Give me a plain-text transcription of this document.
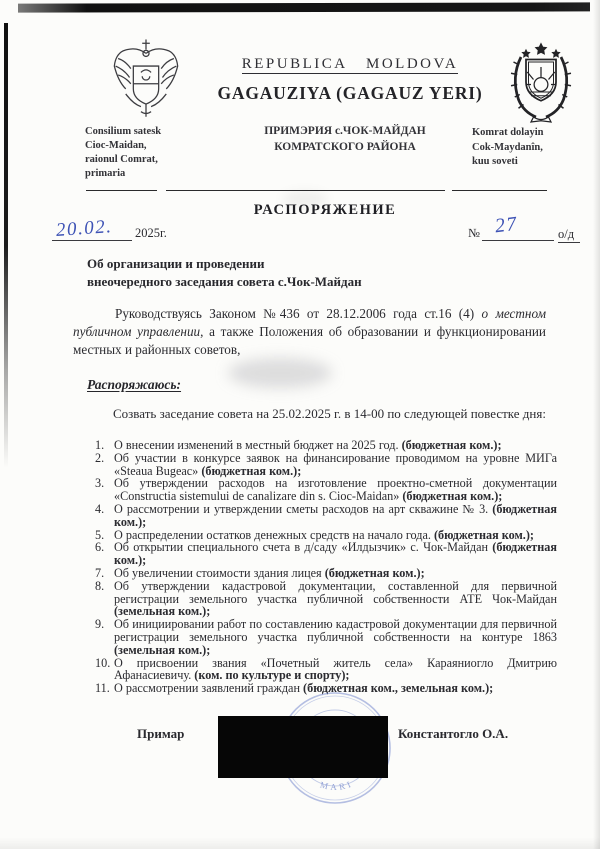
REPUBLICA MOLDOVA
GAGAUZIYA (GAGAUZ YERI)
Consilium satesk
Cioc-Maidan,
raionul Comrat,
primaria
ПРИМЭРИЯ с.ЧОК-МАЙДАН
КОМРАТСКОГО РАЙОНА
Komrat dolayin
Cok-Maydanîn,
kuu soveti
РАСПОРЯЖЕНИЕ
20.02. 2025г.	№ 27	о/д
Об организации и проведении
внеочередного заседания совета с.Чок-Майдан
Руководствуясь Законом №436 от 28.12.2006 года ст.16 (4) о местном публичном управлении, а также Положения об образовании и функционировании местных и районных советов,
Распоряжаюсь:
Созвать заседание совета на 25.02.2025 г. в 14-00 по следующей повестке дня:
1. О внесении изменений в местный бюджет на 2025 год. (бюджетная ком.);
2. Об участии в конкурсе заявок на финансирование проводимом на уровне МИГа «Steaua Bugeac» (бюджетная ком.);
3. Об утверждении расходов на изготовление проектно-сметной документации «Constructia sistemului de canalizare din s. Cioc-Maidan» (бюджетная ком.);
4. О рассмотрении и утверждении сметы расходов на арт скважине № 3. (бюджетная ком.);
5. О распределении остатков денежных средств на начало года. (бюджетная ком.);
6. Об открытии специального счета в д/саду «Илдызчик» с. Чок-Майдан (бюджетная ком.);
7. Об увеличении стоимости здания лицея (бюджетная ком.);
8. Об утверждении кадастровой документации, составленной для первичной регистрации земельного участка публичной собственности АТЕ Чок-Майдан (земельная ком.);
9. Об инициировании работ по составлению кадастровой документации для первичной регистрации земельного участка публичной собственности на контуре 1863 (земельная ком.);
10. О присвоении звания «Почетный житель села» Караяниогло Дмитрию Афанасиевичу. (ком. по культуре и спорту);
11. О рассмотрении заявлений граждан (бюджетная ком., земельная ком.);
MARI
Примар	Константогло О.А.
